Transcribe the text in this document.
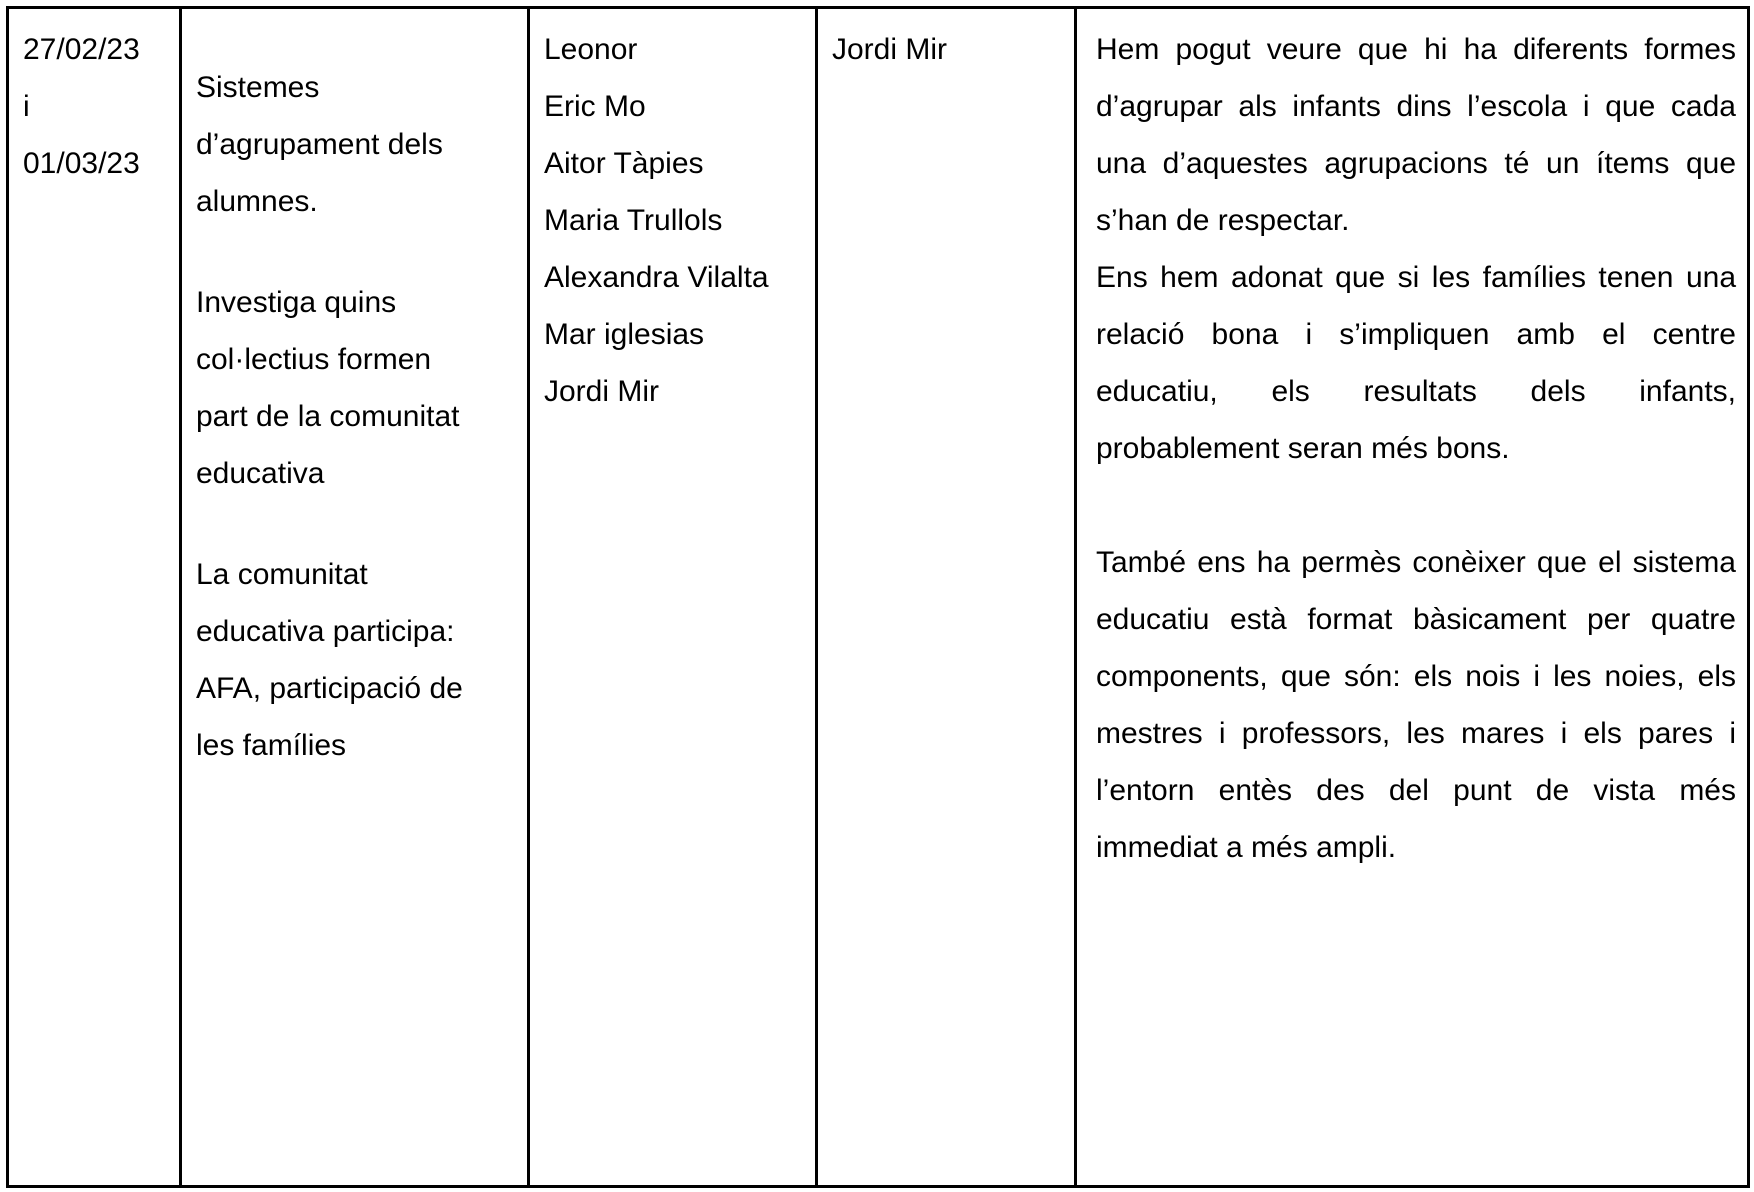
27/02/23
i
01/03/23
Sistemes
d’agrupament dels
alumnes.
Investiga quins
col·lectius formen
part de la comunitat
educativa
La comunitat
educativa participa:
AFA, participació de
les famílies
Leonor
Eric Mo
Aitor Tàpies
Maria Trullols
Alexandra Vilalta
Mar iglesias
Jordi Mir
Jordi Mir	Hem pogut veure que hi ha diferents formes d’agrupar als infants dins l’escola i que cada una d’aquestes agrupacions té un ítems que s’han de respectar.

Ens hem adonat que si les famílies tenen una relació bona i s’impliquen amb el centre educatiu, els resultats dels infants, probablement seran més bons.

També ens ha permès conèixer que el sistema educatiu està format bàsicament per quatre components, que són: els nois i les noies, els mestres i professors, les mares i els pares i l’entorn entès des del punt de vista més immediat a més ampli.
